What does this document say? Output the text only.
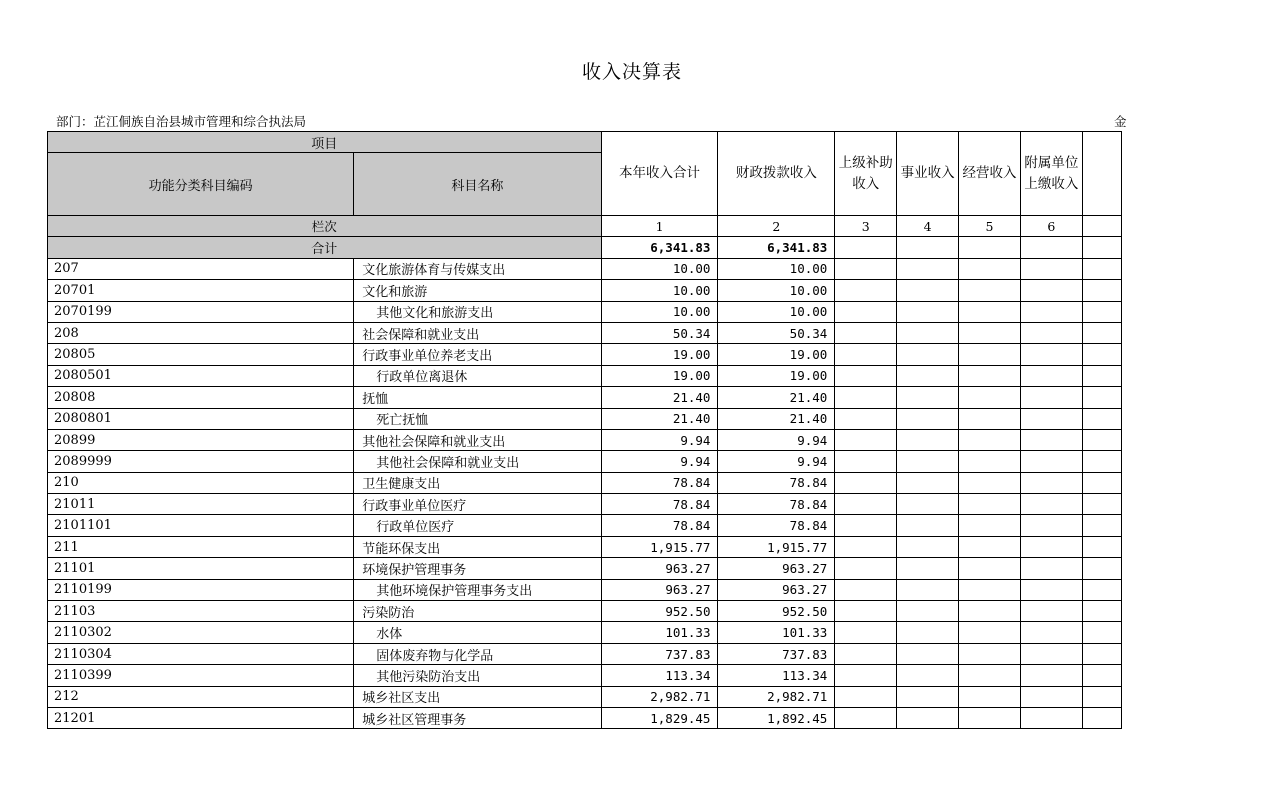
收入决算表
部门：芷江侗族自治县城市管理和综合执法局	金
项目		本年收入合计	财政拨款收入	上级补助收入	事业收入	经营收入	附属单位上缴收入	
功能分类科目编码	科目名称							
栏次		1	2	3	4	5	6	
合计		6,341.83	6,341.83					
207	文化旅游体育与传媒支出	10.00	10.00					
20701	文化和旅游	10.00	10.00					
2070199	其他文化和旅游支出	10.00	10.00					
208	社会保障和就业支出	50.34	50.34					
20805	行政事业单位养老支出	19.00	19.00					
2080501	行政单位离退休	19.00	19.00					
20808	抚恤	21.40	21.40					
2080801	死亡抚恤	21.40	21.40					
20899	其他社会保障和就业支出	9.94	9.94					
2089999	其他社会保障和就业支出	9.94	9.94					
210	卫生健康支出	78.84	78.84					
21011	行政事业单位医疗	78.84	78.84					
2101101	行政单位医疗	78.84	78.84					
211	节能环保支出	1,915.77	1,915.77					
21101	环境保护管理事务	963.27	963.27					
2110199	其他环境保护管理事务支出	963.27	963.27					
21103	污染防治	952.50	952.50					
2110302	水体	101.33	101.33					
2110304	固体废弃物与化学品	737.83	737.83					
2110399	其他污染防治支出	113.34	113.34					
212	城乡社区支出	2,982.71	2,982.71					
21201	城乡社区管理事务	1,829.45	1,892.45					
